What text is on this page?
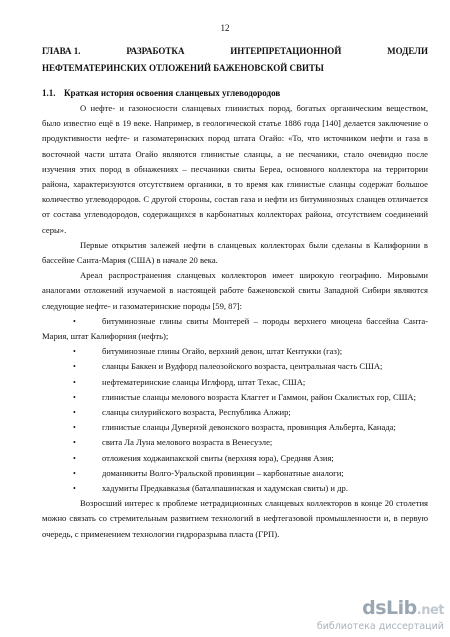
12
ГЛАВА 1.	РАЗРАБОТКА	ИНТЕРПРЕТАЦИОННОЙ	МОДЕЛИ
НЕФТЕМАТЕРИНСКИХ ОТЛОЖЕНИЙ БАЖЕНОВСКОЙ СВИТЫ
1.1. Краткая история освоения сланцевых углеводородов

О нефте- и газоносности сланцевых глинистых пород, богатых органическим веществом, было известно ещё в 19 веке. Например, в геологической статье 1886 года [140] делается заключение о продуктивности нефте- и газоматеринских пород штата Огайо: «То, что источником нефти и газа в восточной части штата Огайо являются глинистые сланцы, а не песчаники, стало очевидно после изучения этих пород в обнажениях – песчаники свиты Береа, основного коллектора на территории района, характеризуются отсутствием органики, в то время как глинистые сланцы содержат большое количество углеводородов. С другой стороны, состав газа и нефти из битуминозных сланцев отличается от состава углеводородов, содержащихся в карбонатных коллекторах района, отсутствием соединений серы».

Первые открытия залежей нефти в сланцевых коллекторах были сделаны в Калифорнии в бассейне Санта-Мария (США) в начале 20 века.

Ареал распространения сланцевых коллекторов имеет широкую географию. Мировыми аналогами отложений изучаемой в настоящей работе баженовской свиты Западной Сибири являются следующие нефте- и газоматеринские породы [59, 87]:

•	битуминозные глины свиты Монтерей – породы верхнего миоцена бассейна Санта-Мария, штат Калифорния (нефть);
•	битуминозные глины Огайо, верхний девон, штат Кентукки (газ);
•	сланцы Баккен и Вудфорд палеозойского возраста, центральная часть США;
•	нефтематеринские сланцы Иглфорд, штат Техас, США;
•	глинистые сланцы мелового возраста Клаггет и Гаммон, район Скалистых гор, США;
•	сланцы силурийского возраста, Республика Алжир;
•	глинистые сланцы Дувернэй девонского возраста, провинция Альберта, Канада;
•	свита Ла Луна мелового возраста в Венесуэле;
•	отложения ходжаипакской свиты (верхняя юра), Средняя Азия;
•	доманикиты Волго-Уральской провинции – карбонатные аналоги;
•	хадумиты Предкавказья (баталпашинская и хадумская свиты) и др.

Возросший интерес к проблеме нетрадиционных сланцевых коллекторов в конце 20 столетия можно связать со стремительным развитием технологий в нефтегазовой промышленности и, в первую очередь, с применением технологии гидроразрыва пласта (ГРП).

dsLib.net
библиотека диссертаций
